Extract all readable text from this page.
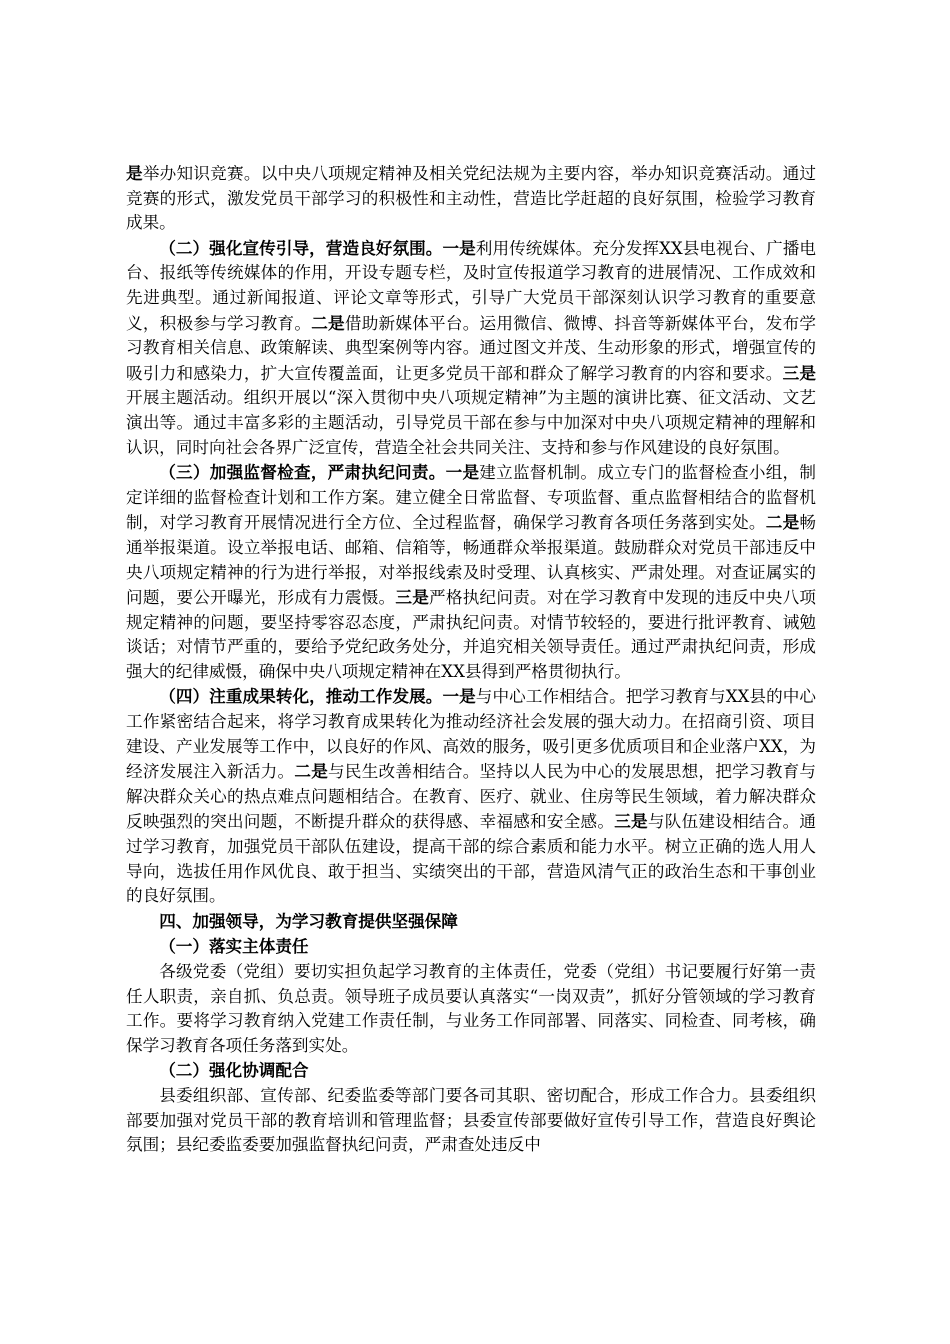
是举办知识竞赛。以中央八项规定精神及相关党纪法规为主要内容，举办知识竞赛活动。通过竞赛的形式，激发党员干部学习的积极性和主动性，营造比学赶超的良好氛围，检验学习教育成果。

（二）强化宣传引导，营造良好氛围。一是利用传统媒体。充分发挥XX县电视台、广播电台、报纸等传统媒体的作用，开设专题专栏，及时宣传报道学习教育的进展情况、工作成效和先进典型。通过新闻报道、评论文章等形式，引导广大党员干部深刻认识学习教育的重要意义，积极参与学习教育。二是借助新媒体平台。运用微信、微博、抖音等新媒体平台，发布学习教育相关信息、政策解读、典型案例等内容。通过图文并茂、生动形象的形式，增强宣传的吸引力和感染力，扩大宣传覆盖面，让更多党员干部和群众了解学习教育的内容和要求。三是开展主题活动。组织开展以“深入贯彻中央八项规定精神”为主题的演讲比赛、征文活动、文艺演出等。通过丰富多彩的主题活动，引导党员干部在参与中加深对中央八项规定精神的理解和认识，同时向社会各界广泛宣传，营造全社会共同关注、支持和参与作风建设的良好氛围。

（三）加强监督检查，严肃执纪问责。一是建立监督机制。成立专门的监督检查小组，制定详细的监督检查计划和工作方案。建立健全日常监督、专项监督、重点监督相结合的监督机制，对学习教育开展情况进行全方位、全过程监督，确保学习教育各项任务落到实处。二是畅通举报渠道。设立举报电话、邮箱、信箱等，畅通群众举报渠道。鼓励群众对党员干部违反中央八项规定精神的行为进行举报，对举报线索及时受理、认真核实、严肃处理。对查证属实的问题，要公开曝光，形成有力震慑。三是严格执纪问责。对在学习教育中发现的违反中央八项规定精神的问题，要坚持零容忍态度，严肃执纪问责。对情节较轻的，要进行批评教育、诫勉谈话；对情节严重的，要给予党纪政务处分，并追究相关领导责任。通过严肃执纪问责，形成强大的纪律威慑，确保中央八项规定精神在XX县得到严格贯彻执行。

（四）注重成果转化，推动工作发展。一是与中心工作相结合。把学习教育与XX县的中心工作紧密结合起来，将学习教育成果转化为推动经济社会发展的强大动力。在招商引资、项目建设、产业发展等工作中，以良好的作风、高效的服务，吸引更多优质项目和企业落户XX，为经济发展注入新活力。二是与民生改善相结合。坚持以人民为中心的发展思想，把学习教育与解决群众关心的热点难点问题相结合。在教育、医疗、就业、住房等民生领域，着力解决群众反映强烈的突出问题，不断提升群众的获得感、幸福感和安全感。三是与队伍建设相结合。通过学习教育，加强党员干部队伍建设，提高干部的综合素质和能力水平。树立正确的选人用人导向，选拔任用作风优良、敢于担当、实绩突出的干部，营造风清气正的政治生态和干事创业的良好氛围。

四、加强领导，为学习教育提供坚强保障

（一）落实主体责任

各级党委（党组）要切实担负起学习教育的主体责任，党委（党组）书记要履行好第一责任人职责，亲自抓、负总责。领导班子成员要认真落实“一岗双责”，抓好分管领域的学习教育工作。要将学习教育纳入党建工作责任制，与业务工作同部署、同落实、同检查、同考核，确保学习教育各项任务落到实处。

（二）强化协调配合

县委组织部、宣传部、纪委监委等部门要各司其职、密切配合，形成工作合力。县委组织部要加强对党员干部的教育培训和管理监督；县委宣传部要做好宣传引导工作，营造良好舆论氛围；县纪委监委要加强监督执纪问责，严肃查处违反中
